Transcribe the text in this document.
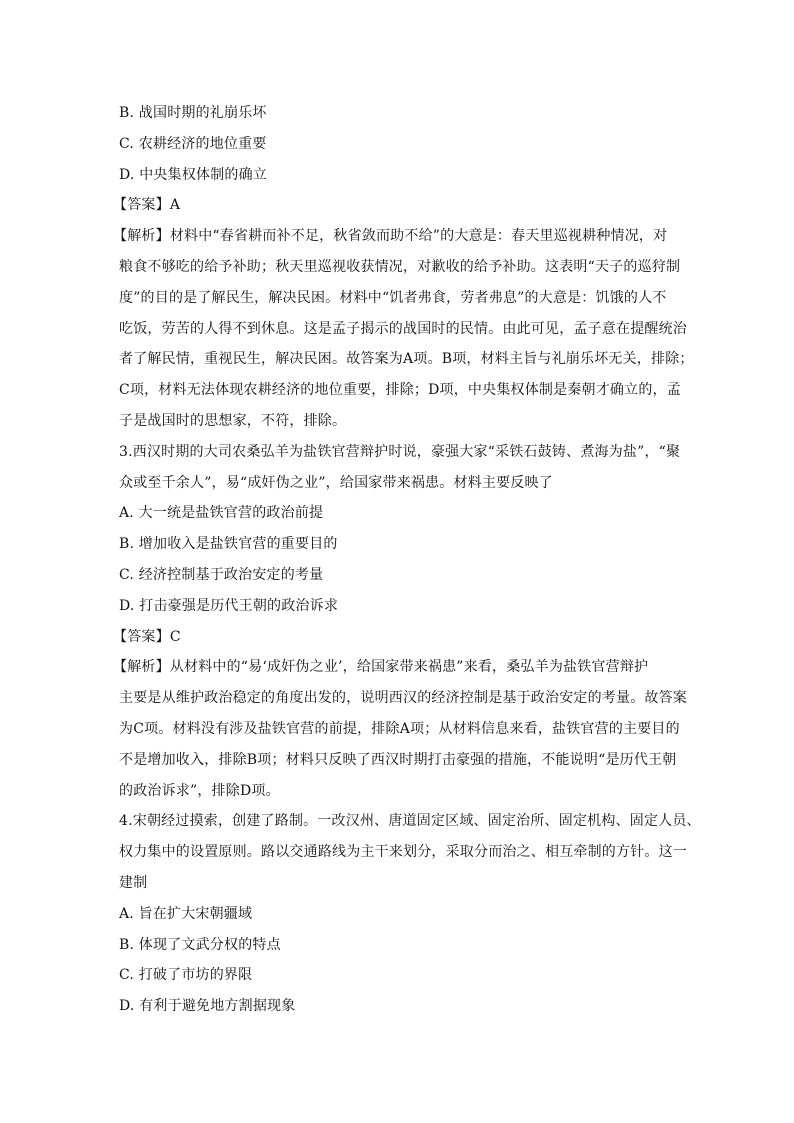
B. 战国时期的礼崩乐坏
C. 农耕经济的地位重要
D. 中央集权体制的确立
【答案】A
【解析】材料中“春省耕而补不足，秋省敛而助不给”的大意是：春天里巡视耕种情况，对
粮食不够吃的给予补助；秋天里巡视收获情况，对歉收的给予补助。这表明“天子的巡狩制
度”的目的是了解民生，解决民困。材料中“饥者弗食，劳者弗息”的大意是：饥饿的人不
吃饭，劳苦的人得不到休息。这是孟子揭示的战国时的民情。由此可见，孟子意在提醒统治
者了解民情，重视民生，解决民困。故答案为A项。B项，材料主旨与礼崩乐坏无关，排除；
C项，材料无法体现农耕经济的地位重要，排除；D项，中央集权体制是秦朝才确立的，孟
子是战国时的思想家，不符，排除。
3.西汉时期的大司农桑弘羊为盐铁官营辩护时说，豪强大家“采铁石鼓铸、煮海为盐”，“聚
众或至千余人”，易“成奸伪之业”，给国家带来祸患。材料主要反映了
A. 大一统是盐铁官营的政治前提
B. 增加收入是盐铁官营的重要目的
C. 经济控制基于政治安定的考量
D. 打击豪强是历代王朝的政治诉求
【答案】C
【解析】从材料中的“易‘成奸伪之业’，给国家带来祸患”来看，桑弘羊为盐铁官营辩护
主要是从维护政治稳定的角度出发的，说明西汉的经济控制是基于政治安定的考量。故答案
为C项。材料没有涉及盐铁官营的前提，排除A项；从材料信息来看，盐铁官营的主要目的
不是增加收入，排除B项；材料只反映了西汉时期打击豪强的措施，不能说明“是历代王朝
的政治诉求”，排除D项。
4.宋朝经过摸索，创建了路制。一改汉州、唐道固定区域、固定治所、固定机构、固定人员、
权力集中的设置原则。路以交通路线为主干来划分，采取分而治之、相互牵制的方针。这一
建制
A. 旨在扩大宋朝疆域
B. 体现了文武分权的特点
C. 打破了市坊的界限
D. 有利于避免地方割据现象
